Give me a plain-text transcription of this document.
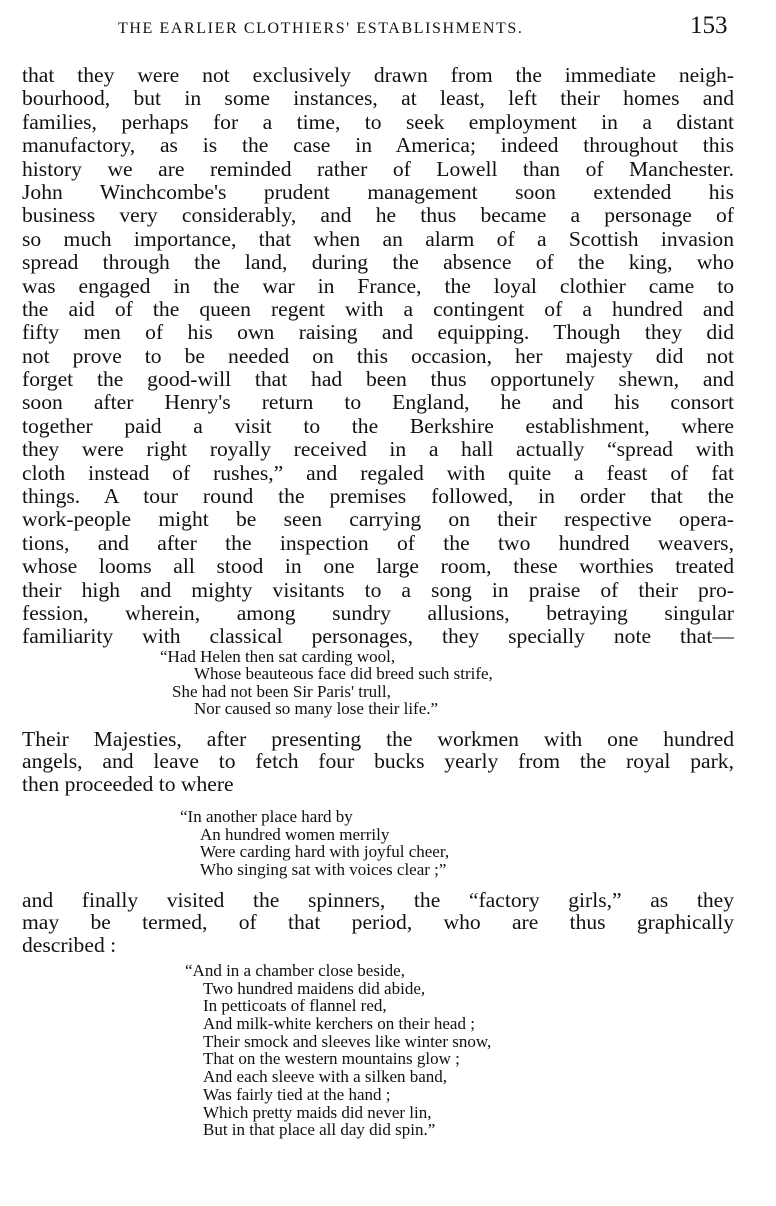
THE EARLIER CLOTHIERS' ESTABLISHMENTS.	153
that they were not exclusively drawn from the immediate neigh-
bourhood, but in some instances, at least, left their homes and
families, perhaps for a time, to seek employment in a distant
manufactory, as is the case in America; indeed throughout this
history we are reminded rather of Lowell than of Manchester.
John Winchcombe's prudent management soon extended his
business very considerably, and he thus became a personage of
so much importance, that when an alarm of a Scottish invasion
spread through the land, during the absence of the king, who
was engaged in the war in France, the loyal clothier came to
the aid of the queen regent with a contingent of a hundred and
fifty men of his own raising and equipping. Though they did
not prove to be needed on this occasion, her majesty did not
forget the good-will that had been thus opportunely shewn, and
soon after Henry's return to England, he and his consort
together paid a visit to the Berkshire establishment, where
they were right royally received in a hall actually “spread with
cloth instead of rushes,” and regaled with quite a feast of fat
things. A tour round the premises followed, in order that the
work-people might be seen carrying on their respective opera-
tions, and after the inspection of the two hundred weavers,
whose looms all stood in one large room, these worthies treated
their high and mighty visitants to a song in praise of their pro-
fession, wherein, among sundry allusions, betraying singular
familiarity with classical personages, they specially note that—
“Had Helen then sat carding wool,
Whose beauteous face did breed such strife,
She had not been Sir Paris' trull,
Nor caused so many lose their life.”
Their Majesties, after presenting the workmen with one hundred
angels, and leave to fetch four bucks yearly from the royal park,
then proceeded to where
“In another place hard by
An hundred women merrily
Were carding hard with joyful cheer,
Who singing sat with voices clear ;”
and finally visited the spinners, the “factory girls,” as they
may be termed, of that period, who are thus graphically
described :
“And in a chamber close beside,
Two hundred maidens did abide,
In petticoats of flannel red,
And milk-white kerchers on their head ;
Their smock and sleeves like winter snow,
That on the western mountains glow ;
And each sleeve with a silken band,
Was fairly tied at the hand ;
Which pretty maids did never lin,
But in that place all day did spin.”
